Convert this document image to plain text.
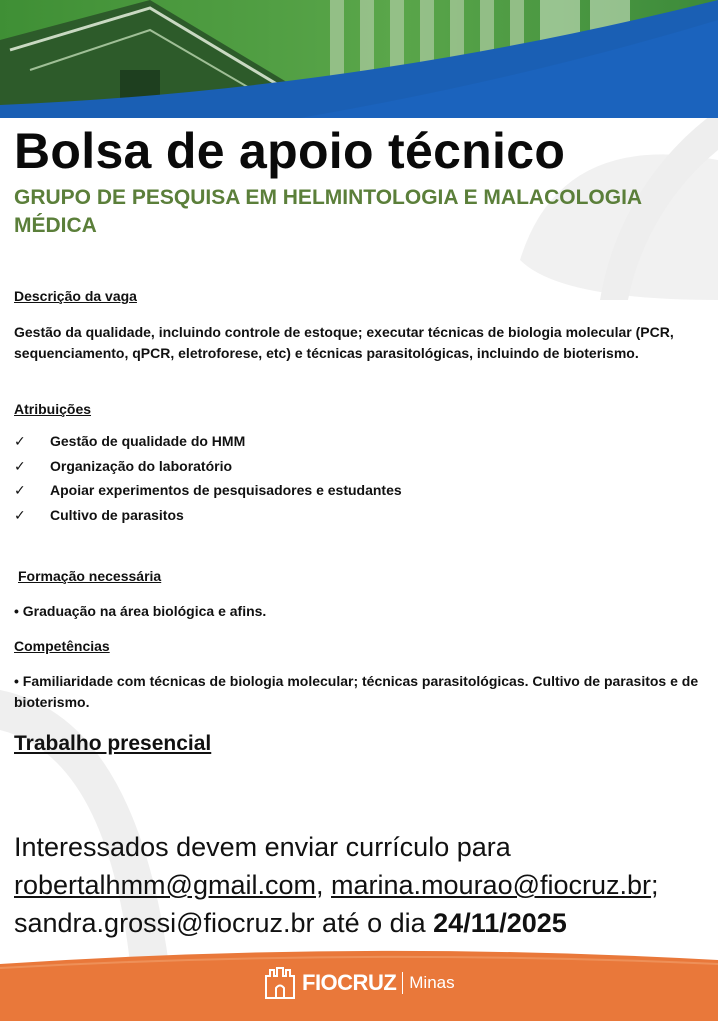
Bolsa de apoio técnico
GRUPO DE PESQUISA EM HELMINTOLOGIA E MALACOLOGIA MÉDICA
Descrição da vaga
Gestão da qualidade, incluindo controle de estoque; executar técnicas de biologia molecular (PCR, sequenciamento, qPCR, eletroforese, etc) e técnicas parasitológicas, incluindo de bioterismo.
Atribuições
✓ Gestão de qualidade do HMM
✓ Organização do laboratório
✓ Apoiar experimentos de pesquisadores e estudantes
✓ Cultivo de parasitos
Formação necessária
• Graduação na área biológica e afins.
Competências
• Familiaridade com técnicas de biologia molecular; técnicas parasitológicas. Cultivo de parasitos e de bioterismo.
Trabalho presencial
Interessados devem enviar currículo para
robertalhmm@gmail.com, marina.mourao@fiocruz.br;
sandra.grossi@fiocruz.br até o dia 24/11/2025
FIOCRUZ Minas
